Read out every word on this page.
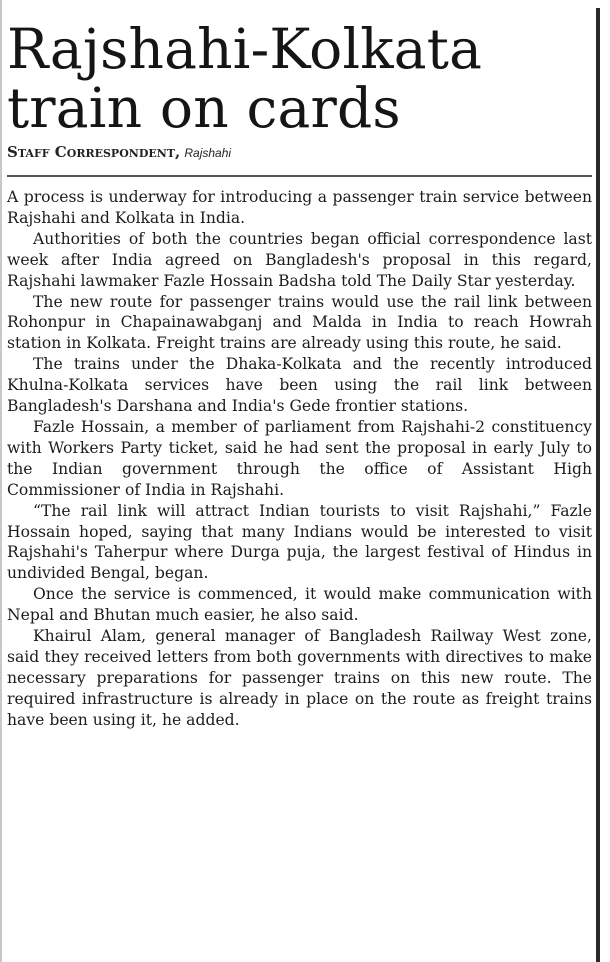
Rajshahi-Kolkata train on cards
Staff Correspondent, Rajshahi

A process is underway for introducing a passenger train service between Rajshahi and Kolkata in India.

Authorities of both the countries began official correspondence last week after India agreed on Bangladesh's proposal in this regard, Rajshahi lawmaker Fazle Hossain Badsha told The Daily Star yesterday.

The new route for passenger trains would use the rail link between Rohonpur in Chapainawabganj and Malda in India to reach Howrah station in Kolkata. Freight trains are already using this route, he said.

The trains under the Dhaka-Kolkata and the recently introduced Khulna-Kolkata services have been using the rail link between Bangladesh's Darshana and India's Gede frontier stations.

Fazle Hossain, a member of parliament from Rajshahi-2 constituency with Workers Party ticket, said he had sent the proposal in early July to the Indian government through the office of Assistant High Commissioner of India in Rajshahi.

“The rail link will attract Indian tourists to visit Rajshahi,” Fazle Hossain hoped, saying that many Indians would be interested to visit Rajshahi's Taherpur where Durga puja, the largest festival of Hindus in undivided Bengal, began.

Once the service is commenced, it would make communication with Nepal and Bhutan much easier, he also said.

Khairul Alam, general manager of Bangladesh Railway West zone, said they received letters from both governments with directives to make necessary preparations for passenger trains on this new route. The required infrastructure is already in place on the route as freight trains have been using it, he added.
